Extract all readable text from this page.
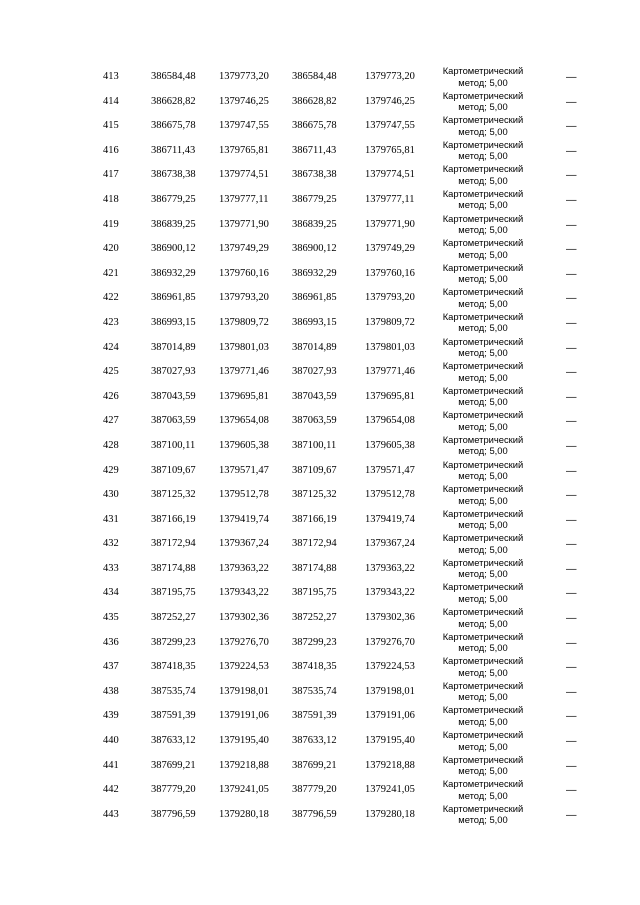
413	386584,48 1379773,20 386584,48	1379773,20
Картометрический
метод; 5,00	—
414	386628,82 1379746,25 386628,82	1379746,25
Картометрический
метод; 5,00	—
415	386675,78 1379747,55 386675,78	1379747,55
Картометрический
метод; 5,00	—
416	386711,43 1379765,81 386711,43	1379765,81
Картометрический
метод; 5,00	—
417	386738,38 1379774,51 386738,38	1379774,51
Картометрический
метод; 5,00	—
418	386779,25 1379777,11 386779,25	1379777,11
Картометрический
метод; 5,00	—
419	386839,25 1379771,90 386839,25	1379771,90
Картометрический
метод; 5,00	—
420	386900,12 1379749,29 386900,12	1379749,29
Картометрический
метод; 5,00	—
421	386932,29 1379760,16 386932,29	1379760,16
Картометрический
метод; 5,00	—
422	386961,85 1379793,20 386961,85	1379793,20
Картометрический
метод; 5,00	—
423	386993,15 1379809,72 386993,15	1379809,72
Картометрический
метод; 5,00	—
424	387014,89 1379801,03 387014,89	1379801,03
Картометрический
метод; 5,00	—
425	387027,93 1379771,46 387027,93	1379771,46
Картометрический
метод; 5,00	—
426	387043,59 1379695,81 387043,59	1379695,81
Картометрический
метод; 5,00	—
427	387063,59 1379654,08 387063,59	1379654,08
Картометрический
метод; 5,00	—
428	387100,11 1379605,38 387100,11	1379605,38
Картометрический
метод; 5,00	—
429	387109,67 1379571,47 387109,67	1379571,47
Картометрический
метод; 5,00	—
430	387125,32 1379512,78 387125,32	1379512,78
Картометрический
метод; 5,00	—
431	387166,19 1379419,74 387166,19	1379419,74
Картометрический
метод; 5,00	—
432	387172,94 1379367,24 387172,94	1379367,24
Картометрический
метод; 5,00	—
433	387174,88 1379363,22 387174,88	1379363,22
Картометрический
метод; 5,00	—
434	387195,75 1379343,22 387195,75	1379343,22
Картометрический
метод; 5,00	—
435	387252,27 1379302,36 387252,27	1379302,36
Картометрический
метод; 5,00	—
436	387299,23 1379276,70 387299,23	1379276,70
Картометрический
метод; 5,00	—
437	387418,35 1379224,53 387418,35	1379224,53
Картометрический
метод; 5,00	—
438	387535,74 1379198,01 387535,74	1379198,01
Картометрический
метод; 5,00	—
439	387591,39 1379191,06 387591,39	1379191,06
Картометрический
метод; 5,00	—
440	387633,12 1379195,40 387633,12	1379195,40
Картометрический
метод; 5,00	—
441	387699,21 1379218,88 387699,21	1379218,88
Картометрический
метод; 5,00	—
442	387779,20 1379241,05 387779,20	1379241,05
Картометрический
метод; 5,00	—
443	387796,59 1379280,18 387796,59	1379280,18
Картометрический
метод; 5,00	—
